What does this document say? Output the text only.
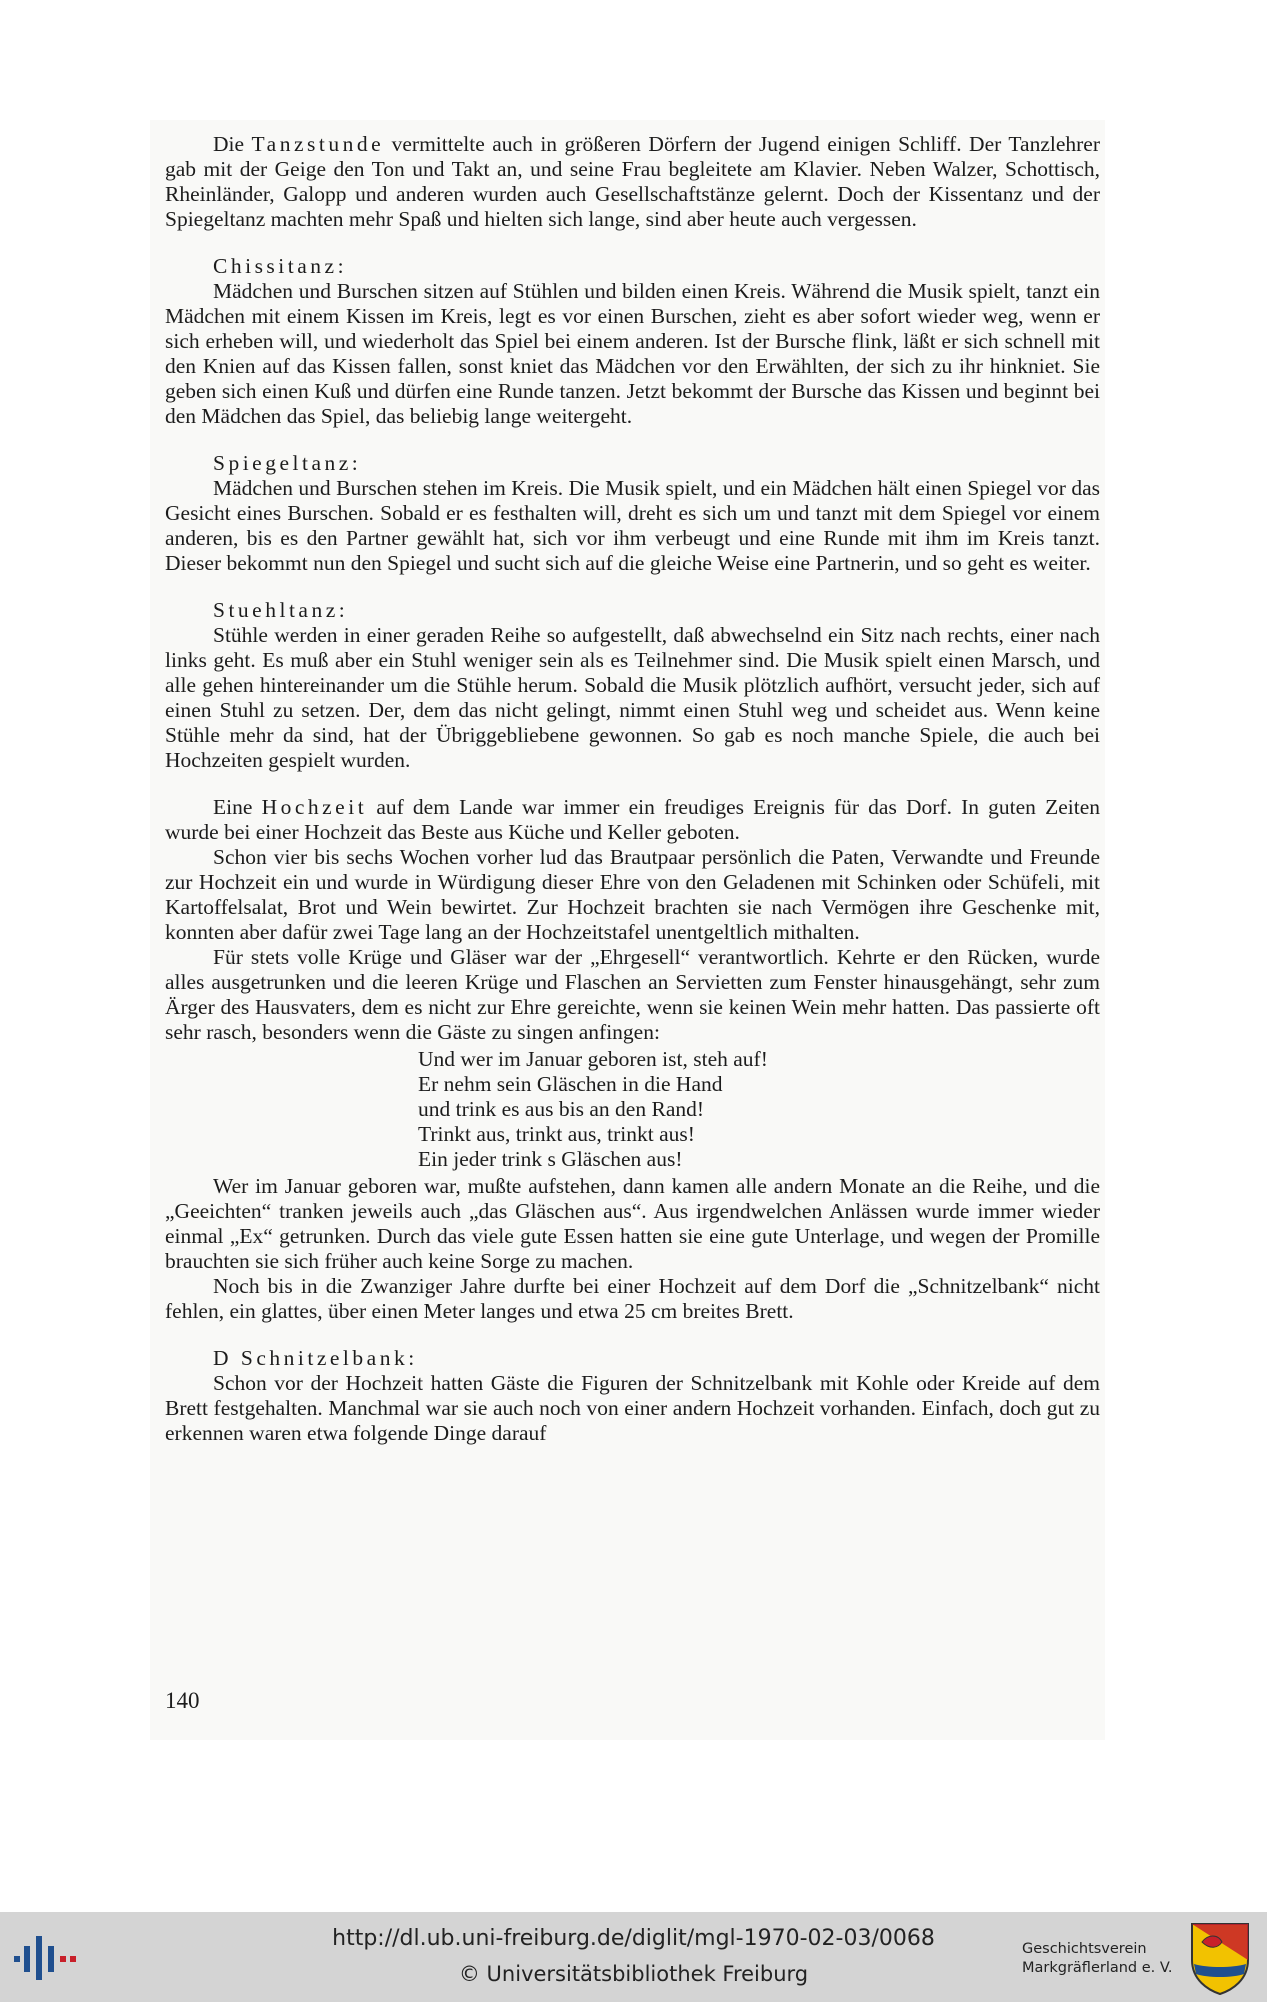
Die Tanzstunde vermittelte auch in größeren Dörfern der Jugend einigen Schliff. Der Tanzlehrer gab mit der Geige den Ton und Takt an, und seine Frau begleitete am Klavier. Neben Walzer, Schottisch, Rheinländer, Galopp und anderen wurden auch Gesellschaftstänze gelernt. Doch der Kissentanz und der Spiegeltanz machten mehr Spaß und hielten sich lange, sind aber heute auch vergessen.

Chissitanz:

Mädchen und Burschen sitzen auf Stühlen und bilden einen Kreis. Während die Musik spielt, tanzt ein Mädchen mit einem Kissen im Kreis, legt es vor einen Burschen, zieht es aber sofort wieder weg, wenn er sich erheben will, und wiederholt das Spiel bei einem anderen. Ist der Bursche flink, läßt er sich schnell mit den Knien auf das Kissen fallen, sonst kniet das Mädchen vor den Erwählten, der sich zu ihr hinkniet. Sie geben sich einen Kuß und dürfen eine Runde tanzen. Jetzt bekommt der Bursche das Kissen und beginnt bei den Mädchen das Spiel, das beliebig lange weitergeht.

Spiegeltanz:

Mädchen und Burschen stehen im Kreis. Die Musik spielt, und ein Mädchen hält einen Spiegel vor das Gesicht eines Burschen. Sobald er es festhalten will, dreht es sich um und tanzt mit dem Spiegel vor einem anderen, bis es den Partner gewählt hat, sich vor ihm verbeugt und eine Runde mit ihm im Kreis tanzt. Dieser bekommt nun den Spiegel und sucht sich auf die gleiche Weise eine Partnerin, und so geht es weiter.

Stuehltanz:

Stühle werden in einer geraden Reihe so aufgestellt, daß abwechselnd ein Sitz nach rechts, einer nach links geht. Es muß aber ein Stuhl weniger sein als es Teilnehmer sind. Die Musik spielt einen Marsch, und alle gehen hintereinander um die Stühle herum. Sobald die Musik plötzlich aufhört, versucht jeder, sich auf einen Stuhl zu setzen. Der, dem das nicht gelingt, nimmt einen Stuhl weg und scheidet aus. Wenn keine Stühle mehr da sind, hat der Übriggebliebene gewonnen. So gab es noch manche Spiele, die auch bei Hochzeiten gespielt wurden.

Eine Hochzeit auf dem Lande war immer ein freudiges Ereignis für das Dorf. In guten Zeiten wurde bei einer Hochzeit das Beste aus Küche und Keller geboten.

Schon vier bis sechs Wochen vorher lud das Brautpaar persönlich die Paten, Verwandte und Freunde zur Hochzeit ein und wurde in Würdigung dieser Ehre von den Geladenen mit Schinken oder Schüfeli, mit Kartoffelsalat, Brot und Wein bewirtet. Zur Hochzeit brachten sie nach Vermögen ihre Geschenke mit, konnten aber dafür zwei Tage lang an der Hochzeitstafel unentgeltlich mithalten.

Für stets volle Krüge und Gläser war der „Ehrgesell“ verantwortlich. Kehrte er den Rücken, wurde alles ausgetrunken und die leeren Krüge und Flaschen an Servietten zum Fenster hinausgehängt, sehr zum Ärger des Hausvaters, dem es nicht zur Ehre gereichte, wenn sie keinen Wein mehr hatten. Das passierte oft sehr rasch, besonders wenn die Gäste zu singen anfingen:

Und wer im Januar geboren ist, steh auf!
Er nehm sein Gläschen in die Hand
und trink es aus bis an den Rand!
Trinkt aus, trinkt aus, trinkt aus!
Ein jeder trink s Gläschen aus!

Wer im Januar geboren war, mußte aufstehen, dann kamen alle andern Monate an die Reihe, und die „Geeichten“ tranken jeweils auch „das Gläschen aus“. Aus irgendwelchen Anlässen wurde immer wieder einmal „Ex“ getrunken. Durch das viele gute Essen hatten sie eine gute Unterlage, und wegen der Promille brauchten sie sich früher auch keine Sorge zu machen.

Noch bis in die Zwanziger Jahre durfte bei einer Hochzeit auf dem Dorf die „Schnitzelbank“ nicht fehlen, ein glattes, über einen Meter langes und etwa 25 cm breites Brett.

D Schnitzelbank:

Schon vor der Hochzeit hatten Gäste die Figuren der Schnitzelbank mit Kohle oder Kreide auf dem Brett festgehalten. Manchmal war sie auch noch von einer andern Hochzeit vorhanden. Einfach, doch gut zu erkennen waren etwa folgende Dinge darauf

140
http://dl.ub.uni-freiburg.de/diglit/mgl-1970-02-03/0068
© Universitätsbibliothek Freiburg
Geschichtsverein
Markgräflerland e. V.
